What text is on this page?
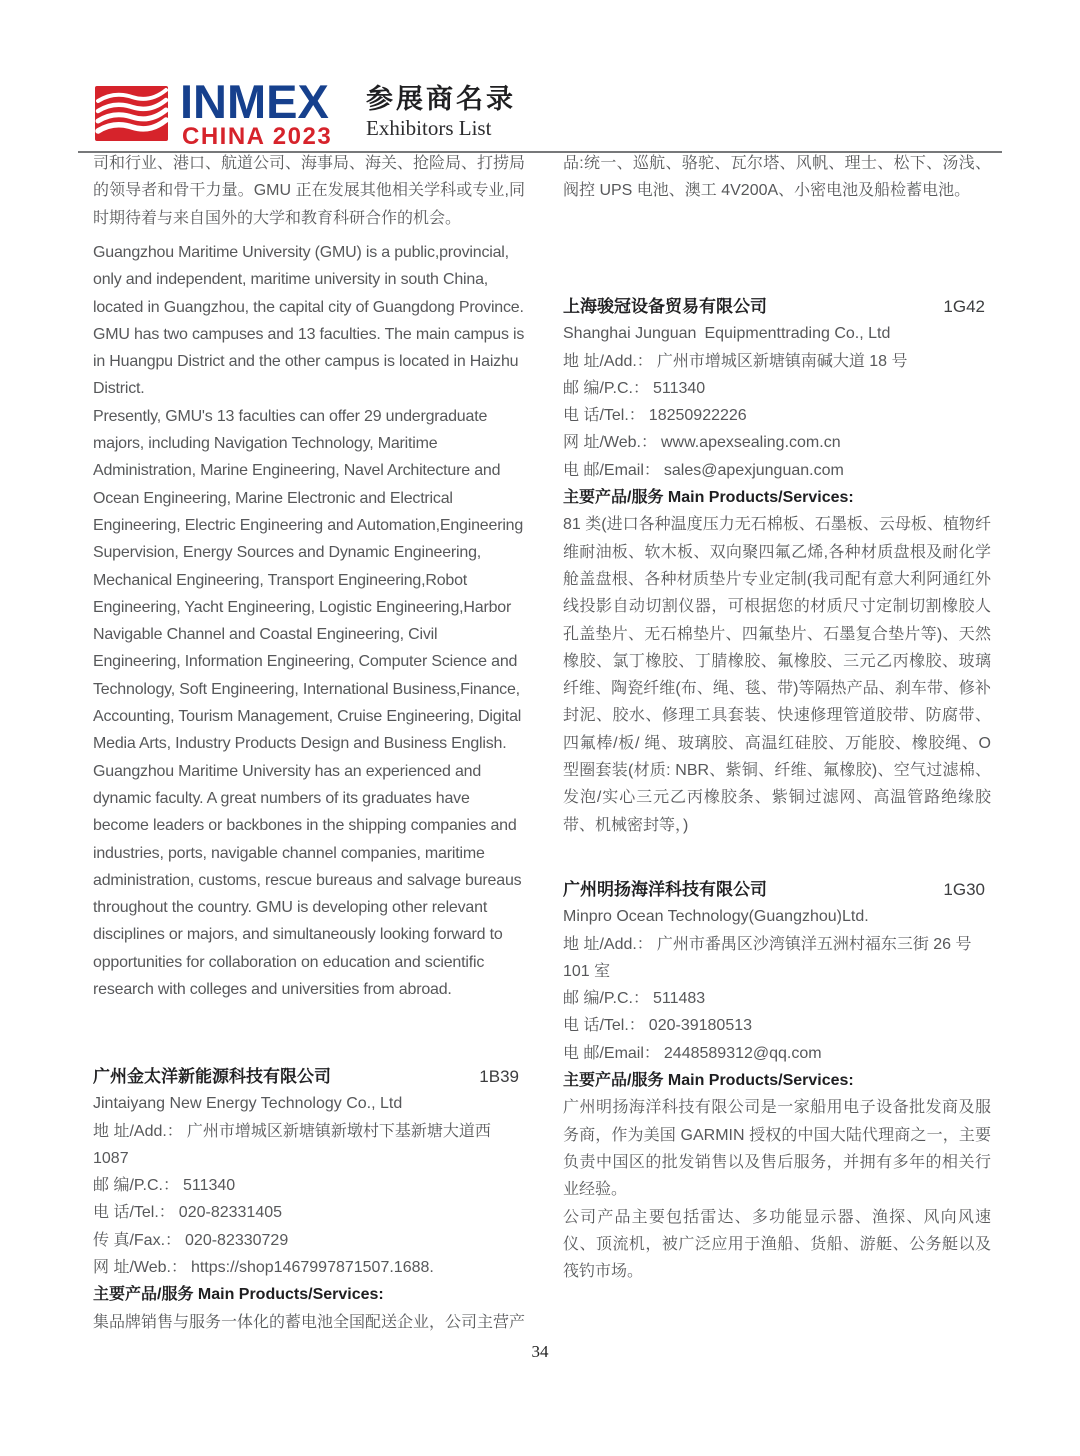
INMEX
CHINA 2023
参展商名录
Exhibitors List

司和行业、港口、航道公司、海事局、海关、抢险局、打捞局的领导者和骨干力量。GMU 正在发展其他相关学科或专业,同时期待着与来自国外的大学和教育科研合作的机会。

Guangzhou Maritime University (GMU) is a public,provincial, only and independent, maritime university in south China, located in Guangzhou, the capital city of Guangdong Province. GMU has two campuses and 13 faculties. The main campus is in Huangpu District and the other campus is located in Haizhu District.

Presently, GMU's 13 faculties can offer 29 undergraduate majors, including Navigation Technology, Maritime Administration, Marine Engineering, Navel Architecture and Ocean Engineering, Marine Electronic and Electrical Engineering, Electric Engineering and Automation,Engineering Supervision, Energy Sources and Dynamic Engineering, Mechanical Engineering, Transport Engineering,Robot Engineering, Yacht Engineering, Logistic Engineering,Harbor Navigable Channel and Coastal Engineering, Civil Engineering, Information Engineering, Computer Science and Technology, Soft Engineering, International Business,Finance, Accounting, Tourism Management, Cruise Engineering, Digital Media Arts, Industry Products Design and Business English.

Guangzhou Maritime University has an experienced and dynamic faculty. A great numbers of its graduates have become leaders or backbones in the shipping companies and industries, ports, navigable channel companies, maritime administration, customs, rescue bureaus and salvage bureaus throughout the country. GMU is developing other relevant disciplines or majors, and simultaneously looking forward to opportunities for collaboration on education and scientific research with colleges and universities from abroad.

广州金太洋新能源科技有限公司	1B39
Jintaiyang New Energy Technology Co., Ltd
地 址/Add.： 广州市增城区新塘镇新墩村下基新塘大道西 1087
邮 编/P.C.： 511340
电 话/Tel.： 020-82331405
传 真/Fax.： 020-82330729
网 址/Web.： https://shop1467997871507.1688.
主要产品/服务 Main Products/Services:

集品牌销售与服务一体化的蓄电池全国配送企业，公司主营产

品:统一、巡航、骆驼、瓦尔塔、风帆、理士、松下、汤浅、阀控 UPS 电池、澳工 4V200A、小密电池及船检蓄电池。

上海骏冠设备贸易有限公司	1G42
Shanghai Junguan Equipmenttrading Co., Ltd
地 址/Add.： 广州市增城区新塘镇南碱大道 18 号
邮 编/P.C.： 511340
电 话/Tel.： 18250922226
网 址/Web.： www.apexsealing.com.cn
电 邮/Email： sales@apexjunguan.com
主要产品/服务 Main Products/Services:

81 类(进口各种温度压力无石棉板、石墨板、云母板、植物纤维耐油板、软木板、双向聚四氟乙烯,各种材质盘根及耐化学舱盖盘根、各种材质垫片专业定制(我司配有意大利阿通红外线投影自动切割仪器，可根据您的材质尺寸定制切割橡胶人孔盖垫片、无石棉垫片、四氟垫片、石墨复合垫片等)、天然橡胶、氯丁橡胶、丁腈橡胶、氟橡胶、三元乙丙橡胶、玻璃纤维、陶瓷纤维(布、绳、毯、带)等隔热产品、刹车带、修补封泥、胶水、修理工具套装、快速修理管道胶带、防腐带、四氟棒/板/ 绳、玻璃胶、高温红硅胶、万能胶、橡胶绳、O 型圈套装(材质: NBR、紫铜、纤维、氟橡胶)、空气过滤棉、发泡/实心三元乙丙橡胶条、紫铜过滤网、高温管路绝缘胶带、机械密封等，)

广州明扬海洋科技有限公司	1G30
Minpro Ocean Technology(Guangzhou)Ltd.
地 址/Add.： 广州市番禺区沙湾镇洋五洲村福东三街 26 号 101 室
邮 编/P.C.： 511483
电 话/Tel.： 020-39180513
电 邮/Email： 2448589312@qq.com
主要产品/服务 Main Products/Services:

广州明扬海洋科技有限公司是一家船用电子设备批发商及服务商，作为美国 GARMIN 授权的中国大陆代理商之一，主要负责中国区的批发销售以及售后服务，并拥有多年的相关行业经验。

公司产品主要包括雷达、多功能显示器、渔探、风向风速仪、顶流机，被广泛应用于渔船、货船、游艇、公务艇以及筏钓市场。

34
